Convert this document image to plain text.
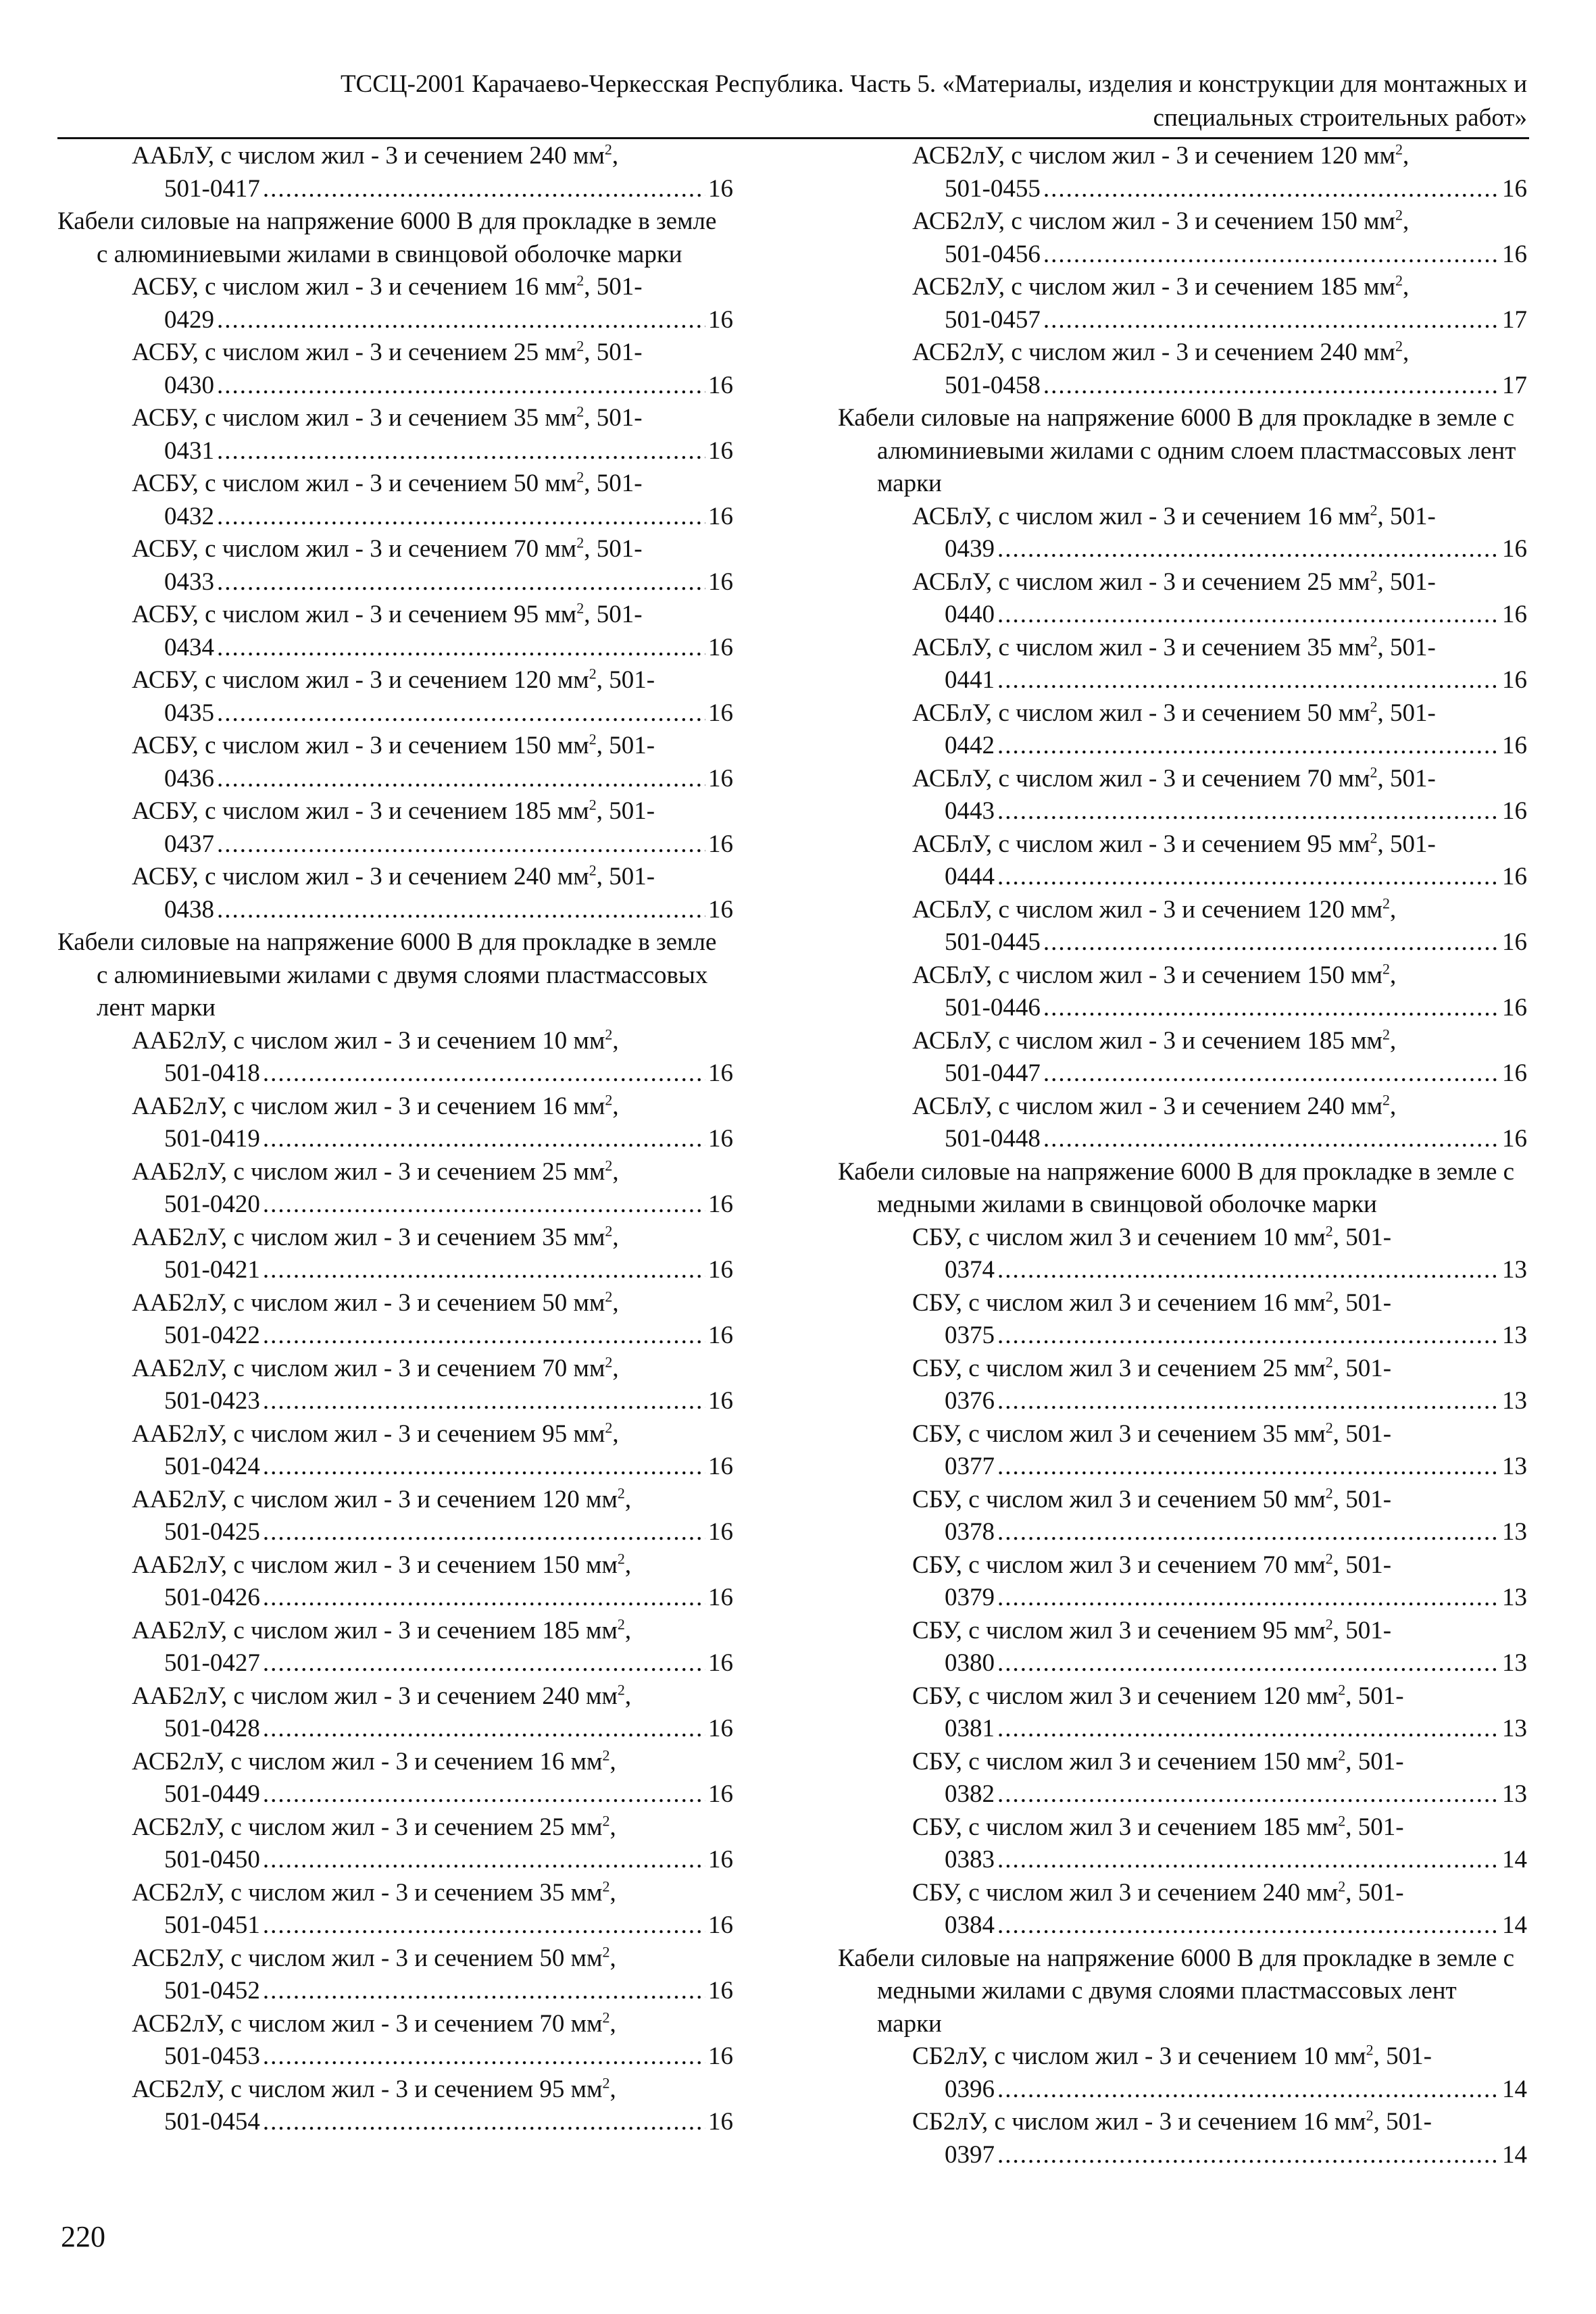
ТССЦ-2001 Карачаево-Черкесская Республика. Часть 5. «Материалы, изделия и конструкции для монтажных и
специальных строительных работ»
ААБлУ, с числом жил - 3 и сечением 240 $мм^2$,
501-0417 .....	16
Кабели силовые на напряжение 6000 В для прокладке в земле с алюминиевыми жилами в свинцовой оболочке марки
АСБУ, с числом жил - 3 и сечением 16 $мм^2$, 501-
0429 .....	16
АСБУ, с числом жил - 3 и сечением 25 $мм^2$, 501-
0430 .....	16
АСБУ, с числом жил - 3 и сечением 35 $мм^2$, 501-
0431 .....	16
АСБУ, с числом жил - 3 и сечением 50 $мм^2$, 501-
0432 .....	16
АСБУ, с числом жил - 3 и сечением 70 $мм^2$, 501-
0433 .....	16
АСБУ, с числом жил - 3 и сечением 95 $мм^2$, 501-
0434 .....	16
АСБУ, с числом жил - 3 и сечением 120 $мм^2$, 501-
0435 .....	16
АСБУ, с числом жил - 3 и сечением 150 $мм^2$, 501-
0436 .....	16
АСБУ, с числом жил - 3 и сечением 185 $мм^2$, 501-
0437 .....	16
АСБУ, с числом жил - 3 и сечением 240 $мм^2$, 501-
0438 .....	16
Кабели силовые на напряжение 6000 В для прокладке в земле с алюминиевыми жилами с двумя слоями пластмассовых лент марки
ААБ2лУ, с числом жил - 3 и сечением 10 $мм^2$,
501-0418 .....	16
ААБ2лУ, с числом жил - 3 и сечением 16 $мм^2$,
501-0419 .....	16
ААБ2лУ, с числом жил - 3 и сечением 25 $мм^2$,
501-0420 .....	16
ААБ2лУ, с числом жил - 3 и сечением 35 $мм^2$,
501-0421 .....	16
ААБ2лУ, с числом жил - 3 и сечением 50 $мм^2$,
501-0422 .....	16
ААБ2лУ, с числом жил - 3 и сечением 70 $мм^2$,
501-0423 .....	16
ААБ2лУ, с числом жил - 3 и сечением 95 $мм^2$,
501-0424 .....	16
ААБ2лУ, с числом жил - 3 и сечением 120 $мм^2$,
501-0425 .....	16
ААБ2лУ, с числом жил - 3 и сечением 150 $мм^2$,
501-0426 .....	16
ААБ2лУ, с числом жил - 3 и сечением 185 $мм^2$,
501-0427 .....	16
ААБ2лУ, с числом жил - 3 и сечением 240 $мм^2$,
501-0428 .....	16
АСБ2лУ, с числом жил - 3 и сечением 16 $мм^2$,
501-0449 .....	16
АСБ2лУ, с числом жил - 3 и сечением 25 $мм^2$,
501-0450 .....	16
АСБ2лУ, с числом жил - 3 и сечением 35 $мм^2$,
501-0451 .....	16
АСБ2лУ, с числом жил - 3 и сечением 50 $мм^2$,
501-0452 .....	16
АСБ2лУ, с числом жил - 3 и сечением 70 $мм^2$,
501-0453 .....	16
АСБ2лУ, с числом жил - 3 и сечением 95 $мм^2$,
501-0454 .....	16
АСБ2лУ, с числом жил - 3 и сечением 120 $мм^2$,
501-0455 .....	16
АСБ2лУ, с числом жил - 3 и сечением 150 $мм^2$,
501-0456 .....	16
АСБ2лУ, с числом жил - 3 и сечением 185 $мм^2$,
501-0457 .....	17
АСБ2лУ, с числом жил - 3 и сечением 240 $мм^2$,
501-0458 .....	17
Кабели силовые на напряжение 6000 В для прокладке в земле с алюминиевыми жилами с одним слоем пластмассовых лент марки
АСБлУ, с числом жил - 3 и сечением 16 $мм^2$, 501-
0439 .....	16
АСБлУ, с числом жил - 3 и сечением 25 $мм^2$, 501-
0440 .....	16
АСБлУ, с числом жил - 3 и сечением 35 $мм^2$, 501-
0441 .....	16
АСБлУ, с числом жил - 3 и сечением 50 $мм^2$, 501-
0442 .....	16
АСБлУ, с числом жил - 3 и сечением 70 $мм^2$, 501-
0443 .....	16
АСБлУ, с числом жил - 3 и сечением 95 $мм^2$, 501-
0444 .....	16
АСБлУ, с числом жил - 3 и сечением 120 $мм^2$,
501-0445 .....	16
АСБлУ, с числом жил - 3 и сечением 150 $мм^2$,
501-0446 .....	16
АСБлУ, с числом жил - 3 и сечением 185 $мм^2$,
501-0447 .....	16
АСБлУ, с числом жил - 3 и сечением 240 $мм^2$,
501-0448 .....	16
Кабели силовые на напряжение 6000 В для прокладке в земле с медными жилами в свинцовой оболочке марки
СБУ, с числом жил 3 и сечением 10 $мм^2$, 501-
0374 .....	13
СБУ, с числом жил 3 и сечением 16 $мм^2$, 501-
0375 .....	13
СБУ, с числом жил 3 и сечением 25 $мм^2$, 501-
0376 .....	13
СБУ, с числом жил 3 и сечением 35 $мм^2$, 501-
0377 .....	13
СБУ, с числом жил 3 и сечением 50 $мм^2$, 501-
0378 .....	13
СБУ, с числом жил 3 и сечением 70 $мм^2$, 501-
0379 .....	13
СБУ, с числом жил 3 и сечением 95 $мм^2$, 501-
0380 .....	13
СБУ, с числом жил 3 и сечением 120 $мм^2$, 501-
0381 .....	13
СБУ, с числом жил 3 и сечением 150 $мм^2$, 501-
0382 .....	13
СБУ, с числом жил 3 и сечением 185 $мм^2$, 501-
0383 .....	14
СБУ, с числом жил 3 и сечением 240 $мм^2$, 501-
0384 .....	14
Кабели силовые на напряжение 6000 В для прокладке в земле с медными жилами с двумя слоями пластмассовых лент марки
СБ2лУ, с числом жил - 3 и сечением 10 $мм^2$, 501-
0396 .....	14
СБ2лУ, с числом жил - 3 и сечением 16 $мм^2$, 501-
0397 .....	14
220
